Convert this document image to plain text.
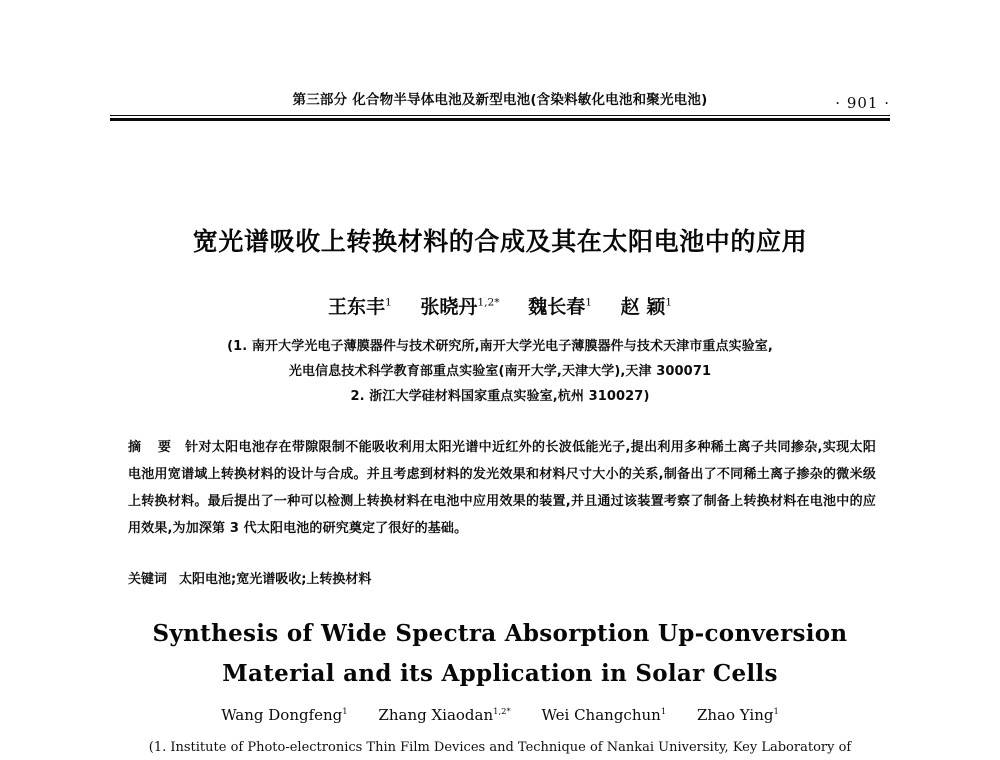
第三部分 化合物半导体电池及新型电池(含染料敏化电池和聚光电池)	· 901 ·
宽光谱吸收上转换材料的合成及其在太阳电池中的应用
王东丰$^1$ 张晓丹$^{1,2*}$ 魏长春$^1$ 赵 颖$^1$
(1. 南开大学光电子薄膜器件与技术研究所,南开大学光电子薄膜器件与技术天津市重点实验室,
光电信息技术科学教育部重点实验室(南开大学,天津大学),天津 300071
2. 浙江大学硅材料国家重点实验室,杭州 310027)
摘 要 针对太阳电池存在带隙限制不能吸收利用太阳光谱中近红外的长波低能光子,提出利用多种稀土离子共同掺杂,实现太阳电池用宽谱域上转换材料的设计与合成。并且考虑到材料的发光效果和材料尺寸大小的关系,制备出了不同稀土离子掺杂的微米级上转换材料。最后提出了一种可以检测上转换材料在电池中应用效果的装置,并且通过该装置考察了制备上转换材料在电池中的应用效果,为加深第 3 代太阳电池的研究奠定了很好的基础。
关键词 太阳电池;宽光谱吸收;上转换材料
Synthesis of Wide Spectra Absorption Up-conversion
Material and its Application in Solar Cells
Wang Dongfeng$^1$ Zhang Xiaodan$^{1,2*}$ Wei Changchun$^1$ Zhao Ying$^1$
(1. Institute of Photo-electronics Thin Film Devices and Technique of Nankai University, Key Laboratory of
